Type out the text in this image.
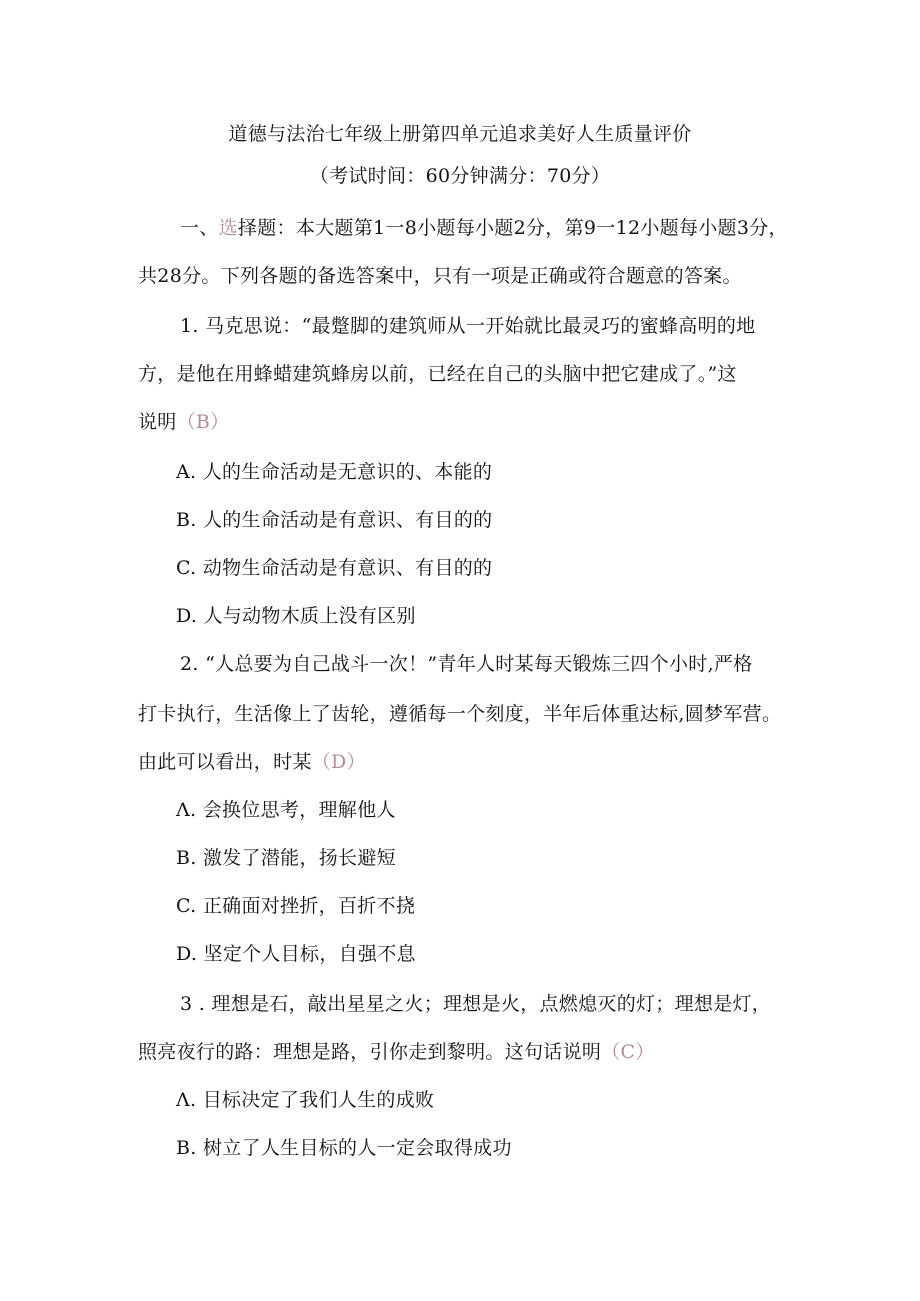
道德与法治七年级上册第四单元追求美好人生质量评价
（考试时间：60分钟满分：70分）
一、选择题：本大题第1一8小题每小题2分，第9一12小题每小题3分，
共28分。下列各题的备选答案中，只有一项是正确或符合题意的答案。
1. 马克思说：“最蹩脚的建筑师从一开始就比最灵巧的蜜蜂高明的地
方，是他在用蜂蜡建筑蜂房以前，已经在自己的头脑中把它建成了。”这
说明（B）
A. 人的生命活动是无意识的、本能的
B. 人的生命活动是有意识、有目的的
C. 动物生命活动是有意识、有目的的
D. 人与动物木质上没有区别
2. “人总要为自己战斗一次！”青年人时某每天锻炼三四个小时,严格
打卡执行，生活像上了齿轮，遵循每一个刻度，半年后体重达标,圆梦军营。
由此可以看出，时某（D）
Λ. 会换位思考，理解他人
B. 激发了潜能，扬长避短
C. 正确面对挫折，百折不挠
D. 坚定个人目标，自强不息
3 . 理想是石，敲出星星之火；理想是火，点燃熄灭的灯；理想是灯，
照亮夜行的路：理想是路，引你走到黎明。这句话说明（C）
Λ. 目标决定了我们人生的成败
B. 树立了人生目标的人一定会取得成功
